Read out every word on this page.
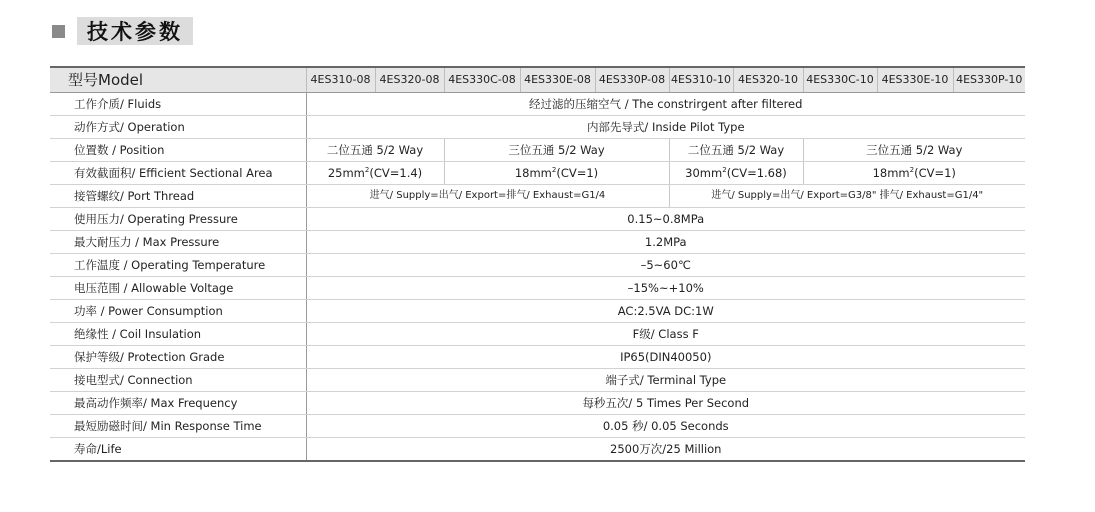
技术参数
型号Model	4ES310-08	4ES320-08	4ES330C-08	4ES330E-08	4ES330P-08	4ES310-10	4ES320-10	4ES330C-10	4ES330E-10	4ES330P-10
工作介质/ Fluids	经过滤的压缩空气 / The constrirgent after filtered									
动作方式/ Operation	内部先导式/ Inside Pilot Type									
位置数 / Position	二位五通 5/2 Way		三位五通 5/2 Way			二位五通 5/2 Way		三位五通 5/2 Way		
有效截面积/ Efficient Sectional Area	$25mm^2(CV=1.4)$		$18mm^2(CV=1)$			$30mm^2(CV=1.68)$		$18mm^2(CV=1)$		
接管螺纹/ Port Thread	进气/ Supply=出气/ Export=排气/ Exhaust=G1/4					进气/ Supply=出气/ Export=G3/8" 排气/ Exhaust=G1/4"				
使用压力/ Operating Pressure	0.15~0.8MPa									
最大耐压力 / Max Pressure	1.2MPa									
工作温度 / Operating Temperature	–5~60℃									
电压范围 / Allowable Voltage	–15%~+10%									
功率 / Power Consumption	AC:2.5VA DC:1W									
绝缘性 / Coil Insulation	F级/ Class F									
保护等级/ Protection Grade	IP65(DIN40050)									
接电型式/ Connection	端子式/ Terminal Type									
最高动作频率/ Max Frequency	每秒五次/ 5 Times Per Second									
最短励磁时间/ Min Response Time	0.05 秒/ 0.05 Seconds									
寿命/Life	2500万次/25 Million									
